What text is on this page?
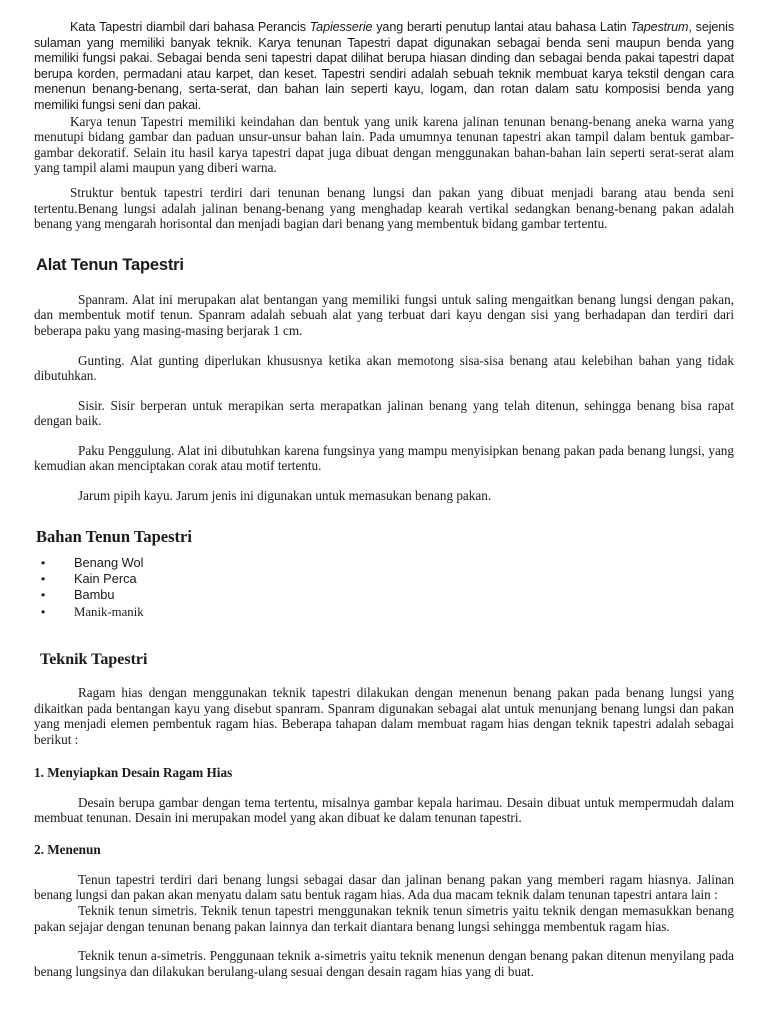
Kata Tapestri diambil dari bahasa Perancis Tapiesserie yang berarti penutup lantai atau bahasa Latin Tapestrum, sejenis sulaman yang memiliki banyak teknik. Karya tenunan Tapestri dapat digunakan sebagai benda seni maupun benda yang memiliki fungsi pakai. Sebagai benda seni tapestri dapat dilihat berupa hiasan dinding dan sebagai benda pakai tapestri dapat berupa korden, permadani atau karpet, dan keset. Tapestri sendiri adalah sebuah teknik membuat karya tekstil dengan cara menenun benang-benang, serta-serat, dan bahan lain seperti kayu, logam, dan rotan dalam satu komposisi benda yang memiliki fungsi seni dan pakai.

Karya tenun Tapestri memiliki keindahan dan bentuk yang unik karena jalinan tenunan benang-benang aneka warna yang menutupi bidang gambar dan paduan unsur-unsur bahan lain. Pada umumnya tenunan tapestri akan tampil dalam bentuk gambar-gambar dekoratif. Selain itu hasil karya tapestri dapat juga dibuat dengan menggunakan bahan-bahan lain seperti serat-serat alam yang tampil alami maupun yang diberi warna.

Struktur bentuk tapestri terdiri dari tenunan benang lungsi dan pakan yang dibuat menjadi barang atau benda seni tertentu.Benang lungsi adalah jalinan benang-benang yang menghadap kearah vertikal sedangkan benang-benang pakan adalah benang yang mengarah horisontal dan menjadi bagian dari benang yang membentuk bidang gambar tertentu.

Alat Tenun Tapestri

Spanram. Alat ini merupakan alat bentangan yang memiliki fungsi untuk saling mengaitkan benang lungsi dengan pakan, dan membentuk motif tenun. Spanram adalah sebuah alat yang terbuat dari kayu dengan sisi yang berhadapan dan terdiri dari beberapa paku yang masing-masing berjarak 1 cm.

Gunting. Alat gunting diperlukan khususnya ketika akan memotong sisa-sisa benang atau kelebihan bahan yang tidak dibutuhkan.

Sisir. Sisir berperan untuk merapikan serta merapatkan jalinan benang yang telah ditenun, sehingga benang bisa rapat dengan baik.

Paku Penggulung. Alat ini dibutuhkan karena fungsinya yang mampu menyisipkan benang pakan pada benang lungsi, yang kemudian akan menciptakan corak atau motif tertentu.

Jarum pipih kayu. Jarum jenis ini digunakan untuk memasukan benang pakan.

Bahan Tenun Tapestri
• Benang Wol
• Kain Perca
• Bambu
• Manik-manik
Teknik Tapestri

Ragam hias dengan menggunakan teknik tapestri dilakukan dengan menenun benang pakan pada benang lungsi yang dikaitkan pada bentangan kayu yang disebut spanram. Spanram digunakan sebagai alat untuk menunjang benang lungsi dan pakan yang menjadi elemen pembentuk ragam hias. Beberapa tahapan dalam membuat ragam hias dengan teknik tapestri adalah sebagai berikut :

1. Menyiapkan Desain Ragam Hias

Desain berupa gambar dengan tema tertentu, misalnya gambar kepala harimau. Desain dibuat untuk mempermudah dalam membuat tenunan. Desain ini merupakan model yang akan dibuat ke dalam tenunan tapestri.

2. Menenun

Tenun tapestri terdiri dari benang lungsi sebagai dasar dan jalinan benang pakan yang memberi ragam hiasnya. Jalinan benang lungsi dan pakan akan menyatu dalam satu bentuk ragam hias. Ada dua macam teknik dalam tenunan tapestri antara lain :

Teknik tenun simetris. Teknik tenun tapestri menggunakan teknik tenun simetris yaitu teknik dengan memasukkan benang pakan sejajar dengan tenunan benang pakan lainnya dan terkait diantara benang lungsi sehingga membentuk ragam hias.

Teknik tenun a-simetris. Penggunaan teknik a-simetris yaitu teknik menenun dengan benang pakan ditenun menyilang pada benang lungsinya dan dilakukan berulang-ulang sesuai dengan desain ragam hias yang di buat.
